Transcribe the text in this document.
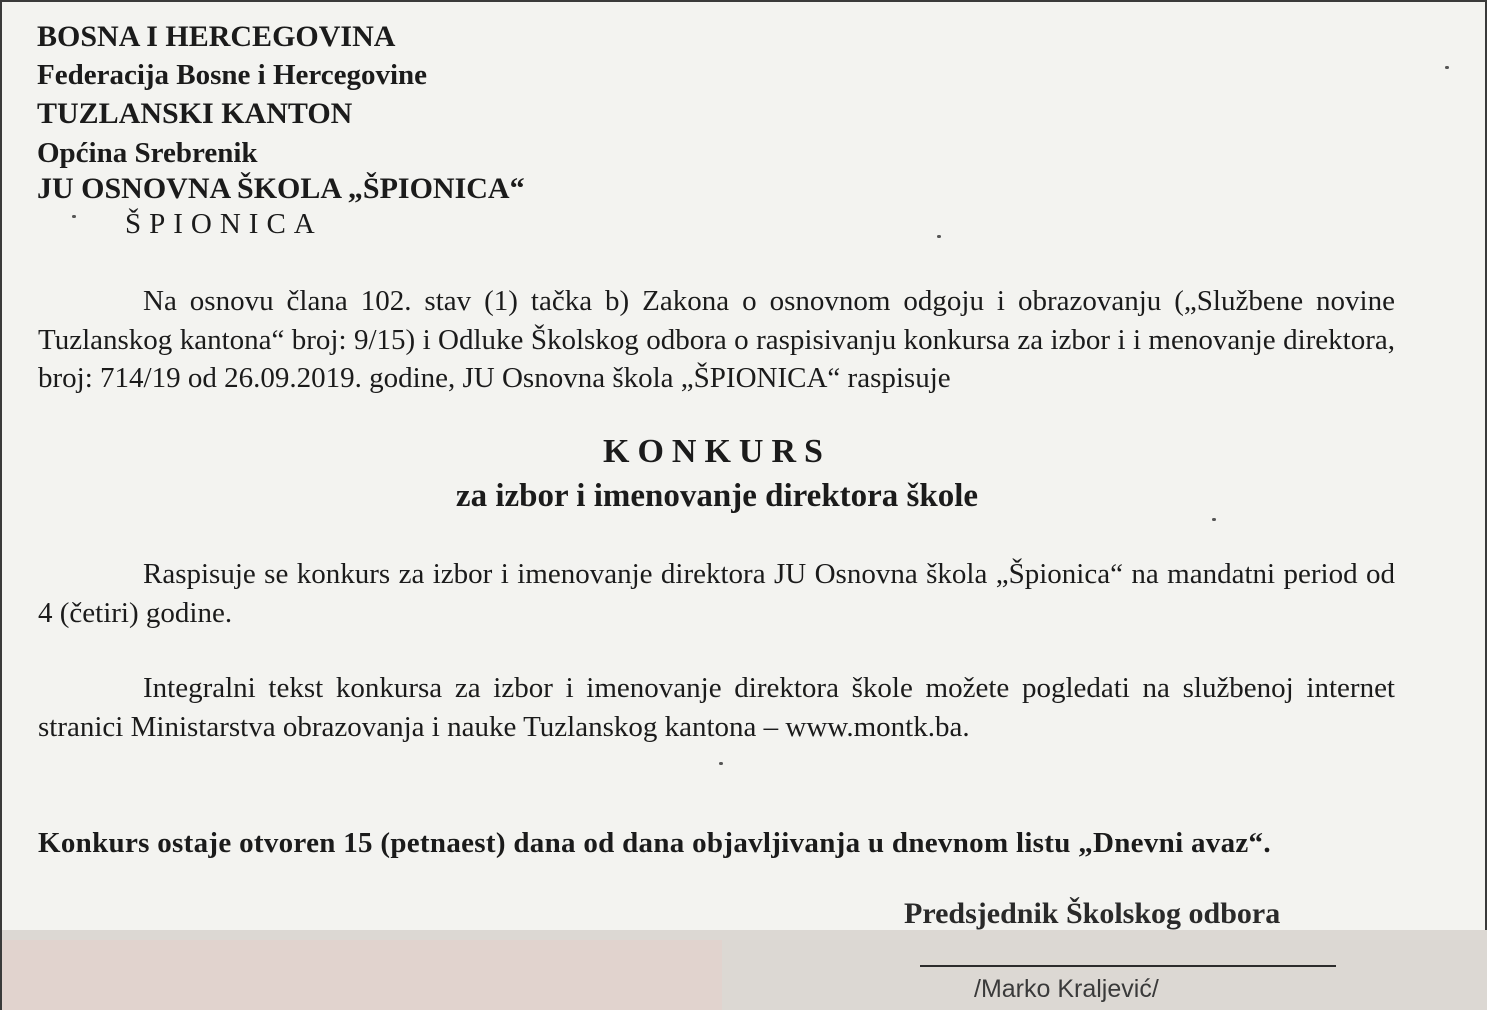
BOSNA I HERCEGOVINA
Federacija Bosne i Hercegovine
TUZLANSKI KANTON
Općina Srebrenik
JU OSNOVNA ŠKOLA „ŠPIONICA“
ŠPIONICA
Na osnovu člana 102. stav (1) tačka b) Zakona o osnovnom odgoju i obrazovanju („Službene novine Tuzlanskog kantona“ broj: 9/15) i Odluke Školskog odbora o raspisivanju konkursa za izbor i i menovanje direktora, broj: 714/19 od 26.09.2019. godine, JU Osnovna škola „ŠPIONICA“ raspisuje
KONKURS
za izbor i imenovanje direktora škole
Raspisuje se konkurs za izbor i imenovanje direktora JU Osnovna škola „Špionica“ na mandatni period od 4 (četiri) godine.
Integralni tekst konkursa za izbor i imenovanje direktora škole možete pogledati na službenoj internet stranici Ministarstva obrazovanja i nauke Tuzlanskog kantona – www.montk.ba.
Konkurs ostaje otvoren 15 (petnaest) dana od dana objavljivanja u dnevnom listu „Dnevni avaz“.
Predsjednik Školskog odbora
/Marko Kraljević/
